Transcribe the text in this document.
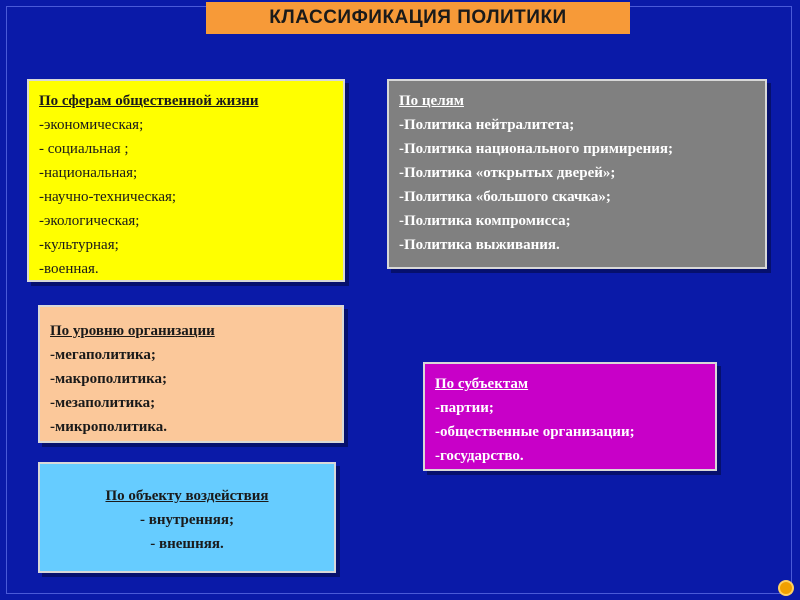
КЛАССИФИКАЦИЯ ПОЛИТИКИ
По сферам общественной жизни
-экономическая;
- социальная ;
-национальная;
-научно-техническая;
-экологическая;
-культурная;
-военная.
По целям
-Политика нейтралитета;
-Политика национального примирения;
-Политика «открытых дверей»;
-Политика «большого скачка»;
-Политика компромисса;
-Политика выживания.
По уровню организации
-мегаполитика;
-макрополитика;
-мезаполитика;
-микрополитика.
По субъектам
-партии;
-общественные организации;
-государство.
По объекту воздействия
- внутренняя;
- внешняя.
